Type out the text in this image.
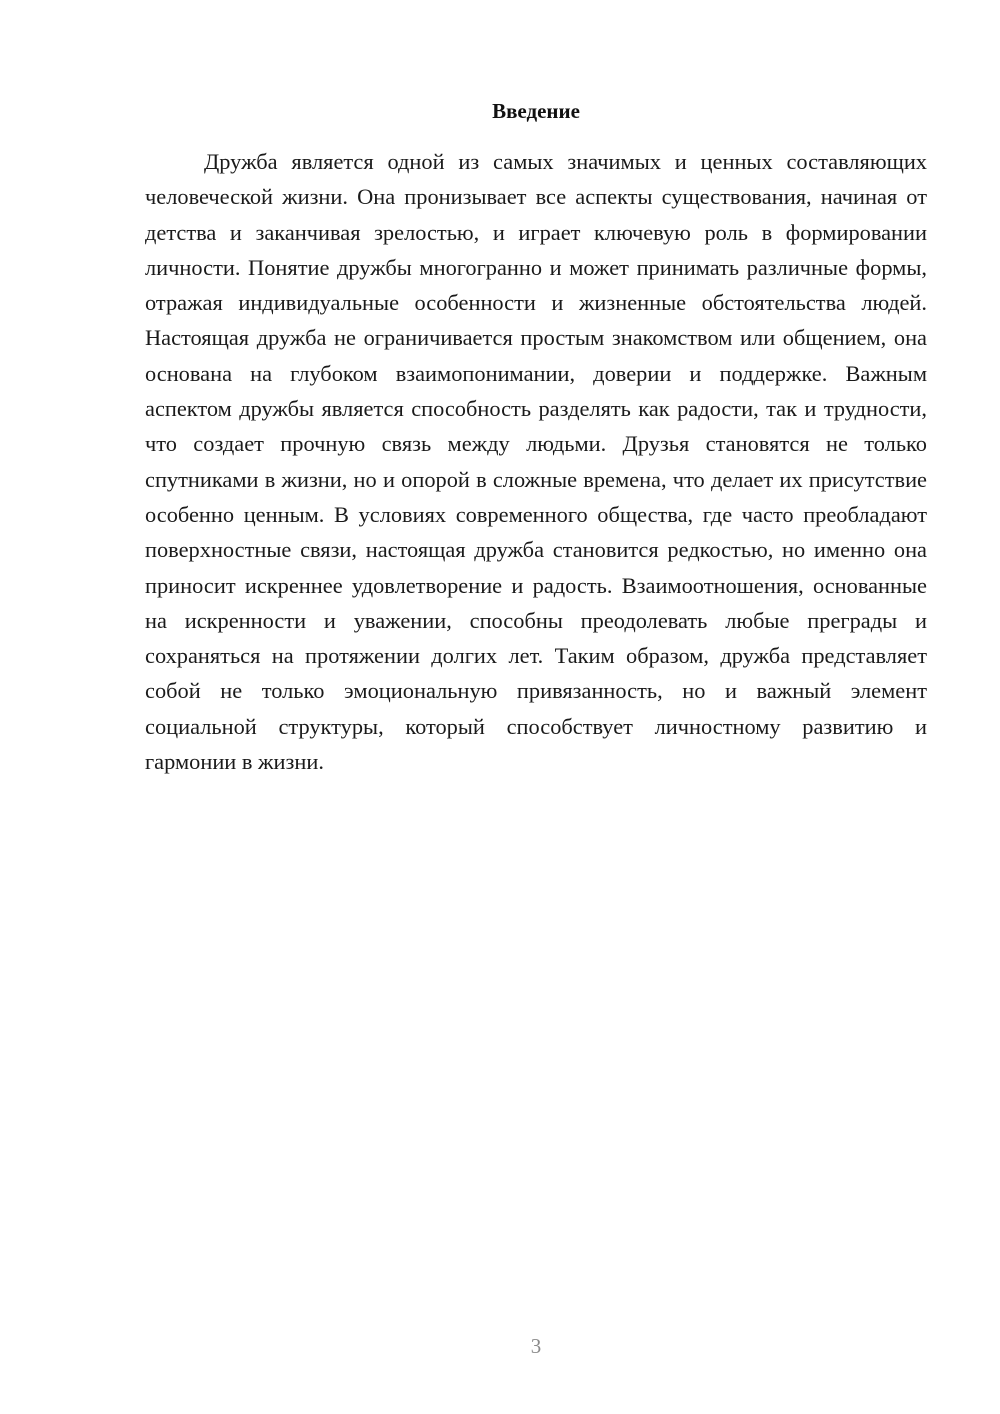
Введение

Дружба является одной из самых значимых и ценных составляющих человеческой жизни. Она пронизывает все аспекты существования, начиная от детства и заканчивая зрелостью, и играет ключевую роль в формировании личности. Понятие дружбы многогранно и может принимать различные формы, отражая индивидуальные особенности и жизненные обстоятельства людей. Настоящая дружба не ограничивается простым знакомством или общением, она основана на глубоком взаимопонимании, доверии и поддержке. Важным аспектом дружбы является способность разделять как радости, так и трудности, что создает прочную связь между людьми. Друзья становятся не только спутниками в жизни, но и опорой в сложные времена, что делает их присутствие особенно ценным. В условиях современного общества, где часто преобладают поверхностные связи, настоящая дружба становится редкостью, но именно она приносит искреннее удовлетворение и радость. Взаимоотношения, основанные на искренности и уважении, способны преодолевать любые преграды и сохраняться на протяжении долгих лет. Таким образом, дружба представляет собой не только эмоциональную привязанность, но и важный элемент социальной структуры, который способствует личностному развитию и гармонии в жизни.

3
